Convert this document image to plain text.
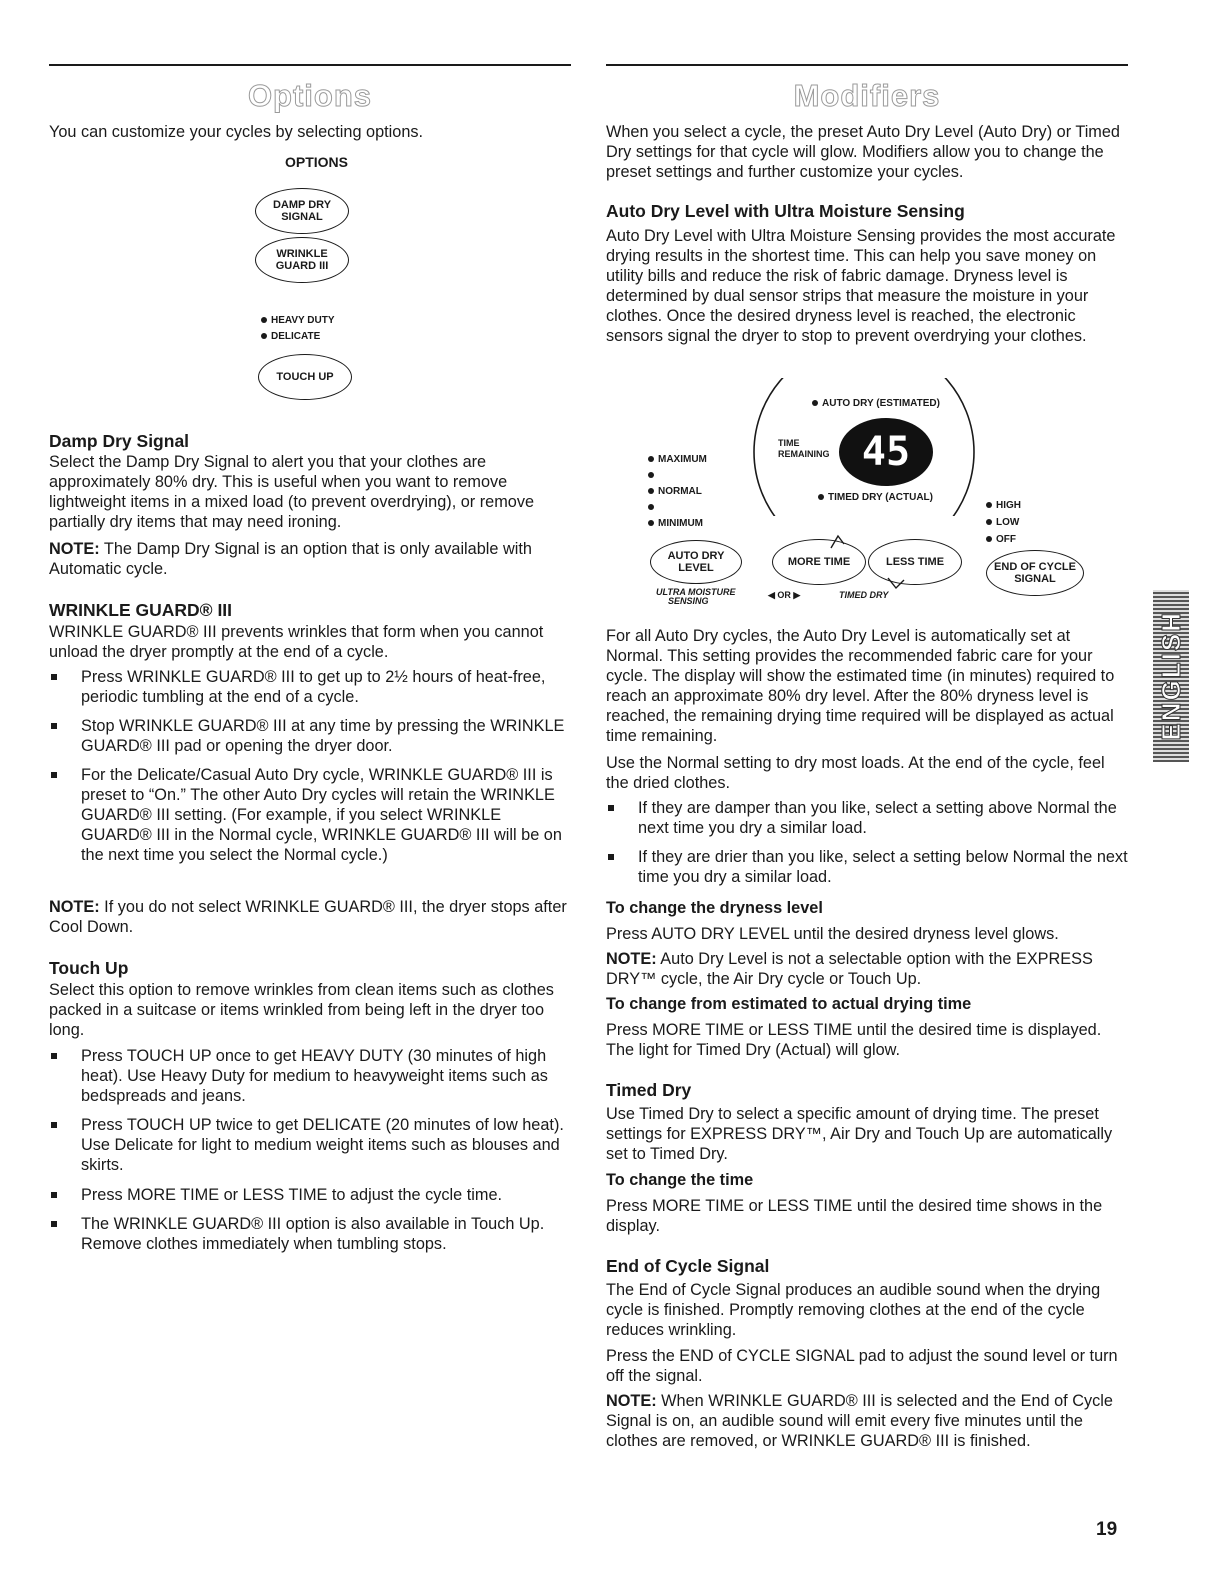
Options

You can customize your cycles by selecting options.

OPTIONS
DAMP DRY
SIGNAL
WRINKLE
GUARD III
HEAVY DUTY
DELICATE
TOUCH UP
Damp Dry Signal

Select the Damp Dry Signal to alert you that your clothes are approximately 80% dry. This is useful when you want to remove lightweight items in a mixed load (to prevent overdrying), or remove partially dry items that may need ironing.

NOTE: The Damp Dry Signal is an option that is only available with Automatic cycle.

WRINKLE GUARD® III

WRINKLE GUARD® III prevents wrinkles that form when you cannot unload the dryer promptly at the end of a cycle.

Press WRINKLE GUARD® III to get up to 2½ hours of heat-free, periodic tumbling at the end of a cycle.
Stop WRINKLE GUARD® III at any time by pressing the WRINKLE GUARD® III pad or opening the dryer door.
For the Delicate/Casual Auto Dry cycle, WRINKLE GUARD® III is preset to “On.” The other Auto Dry cycles will retain the WRINKLE GUARD® III setting. (For example, if you select WRINKLE GUARD® III in the Normal cycle, WRINKLE GUARD® III will be on the next time you select the Normal cycle.)

NOTE: If you do not select WRINKLE GUARD® III, the dryer stops after Cool Down.

Touch Up

Select this option to remove wrinkles from clean items such as clothes packed in a suitcase or items wrinkled from being left in the dryer too long.

Press TOUCH UP once to get HEAVY DUTY (30 minutes of high heat). Use Heavy Duty for medium to heavyweight items such as bedspreads and jeans.
Press TOUCH UP twice to get DELICATE (20 minutes of low heat). Use Delicate for light to medium weight items such as blouses and skirts.
Press MORE TIME or LESS TIME to adjust the cycle time.
The WRINKLE GUARD® III option is also available in Touch Up. Remove clothes immediately when tumbling stops.
Modifiers

When you select a cycle, the preset Auto Dry Level (Auto Dry) or Timed Dry settings for that cycle will glow. Modifiers allow you to change the preset settings and further customize your cycles.

Auto Dry Level with Ultra Moisture Sensing

Auto Dry Level with Ultra Moisture Sensing provides the most accurate drying results in the shortest time. This can help you save money on utility bills and reduce the risk of fabric damage. Dryness level is determined by dual sensor strips that measure the moisture in your clothes. Once the desired dryness level is reached, the electronic sensors signal the dryer to stop to prevent overdrying your clothes.

AUTO DRY (ESTIMATED)
TIME
REMAINING 45
TIMED DRY (ACTUAL)
MAXIMUM
NORMAL
MINIMUM
HIGH
LOW
OFF
AUTO DRY
LEVEL	MORE TIME	LESS TIME	END OF CYCLE
SIGNAL
ULTRA MOISTURE
SENSING
◀ OR ▶	TIMED DRY

For all Auto Dry cycles, the Auto Dry Level is automatically set at Normal. This setting provides the recommended fabric care for your cycle. The display will show the estimated time (in minutes) required to reach an approximate 80% dry level. After the 80% dryness level is reached, the remaining drying time required will be displayed as actual time remaining.

Use the Normal setting to dry most loads. At the end of the cycle, feel the dried clothes.

If they are damper than you like, select a setting above Normal the next time you dry a similar load.
If they are drier than you like, select a setting below Normal the next time you dry a similar load.
To change the dryness level

Press AUTO DRY LEVEL until the desired dryness level glows.

NOTE: Auto Dry Level is not a selectable option with the EXPRESS DRY™ cycle, the Air Dry cycle or Touch Up.

To change from estimated to actual drying time

Press MORE TIME or LESS TIME until the desired time is displayed. The light for Timed Dry (Actual) will glow.

Timed Dry

Use Timed Dry to select a specific amount of drying time. The preset settings for EXPRESS DRY™, Air Dry and Touch Up are automatically set to Timed Dry.

To change the time

Press MORE TIME or LESS TIME until the desired time shows in the display.

End of Cycle Signal

The End of Cycle Signal produces an audible sound when the drying cycle is finished. Promptly removing clothes at the end of the cycle reduces wrinkling.

Press the END of CYCLE SIGNAL pad to adjust the sound level or turn off the signal.

NOTE: When WRINKLE GUARD® III is selected and the End of Cycle Signal is on, an audible sound will emit every five minutes until the clothes are removed, or WRINKLE GUARD® III is finished.

ENGLISH
19
